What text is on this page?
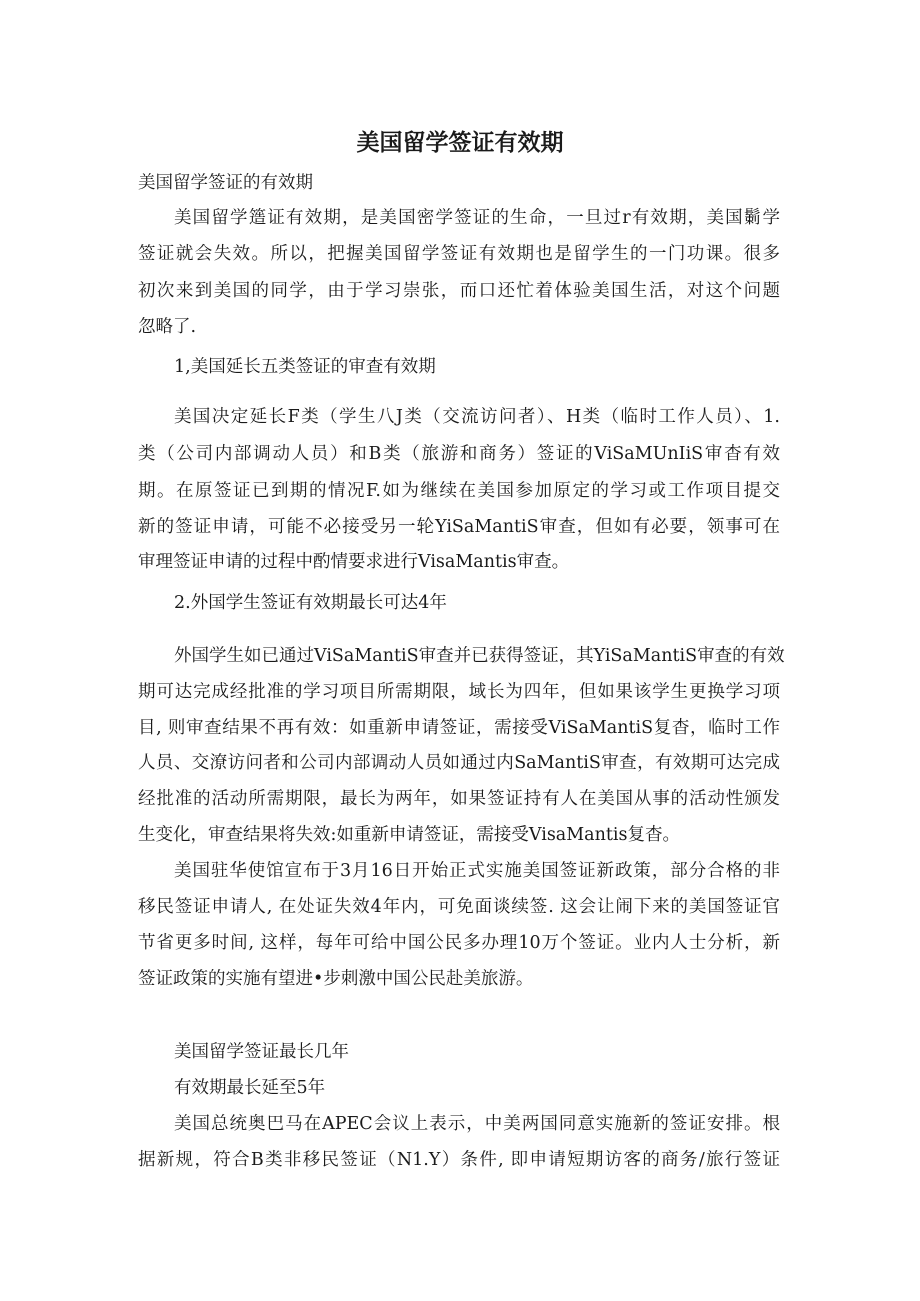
美国留学签证有效期

美国留学签证的有效期

美国留学簉证有效期，是美国密学签证的生命，一旦过r有效期，美国鬎学

签证就会失效。所以，把握美国留学签证有效期也是留学生的一门功课。很多

初次来到美国的同学，由于学习崇张，而口还忙着体验美国生活，对这个问题

忽略了.

1,美国延长五类签证的审查有效期

美国决定延长F类（学生八J类（交流访问者）、H类（临时工作人员）、1.

类（公司内部调动人员）和B类（旅游和商务）签证的ViSaMUnIiS审杳有效

期。在原签证已到期的情况F.如为继续在美国参加原定的学习或工作项目提交

新的签证申请，可能不必接受另一轮YiSaMantiS审查，但如有必要，领事可在

审理签证申请的过程中酌情要求进行VisaMantis审查。

2.外国学生签证有效期最长可达4年

外国学生如已通过ViSaMantiS审查并已获得签证，其YiSaMantiS审查的有效

期可达完成经批准的学习项目所需期限，域长为四年，但如果该学生更换学习项

目, 则审查结果不再有效：如重新申请签证，需接受ViSaMantiS复杳，临时工作

人员、交潦访问者和公司内部调动人员如通过内SaMantiS审查，有效期可达完成

经批准的活动所需期限，最长为两年，如果签证持有人在美国从事的活动性颁发

生变化，审查结果将失效:如重新申请签证，需接受VisaMantis复杳。

美国驻华使馆宣布于3月16日开始正式实施美国签证新政策，部分合格的非

移民签证申请人, 在处证失效4年内，可免面谈续签. 这会让闹下来的美国签证官

节省更多时间, 这样，每年可给中国公民多办理10万个签证。业内人士分析，新

签证政策的实施有望进•步刺激中国公民赴美旅游。

美国留学签证最长几年

有效期最长延至5年

美国总统奥巴马在APEC会议上表示，中美两国同意实施新的签证安排。根

据新规，符合B类非移民签证（N1.Y）条件, 即申请短期访客的商务/旅行签证
